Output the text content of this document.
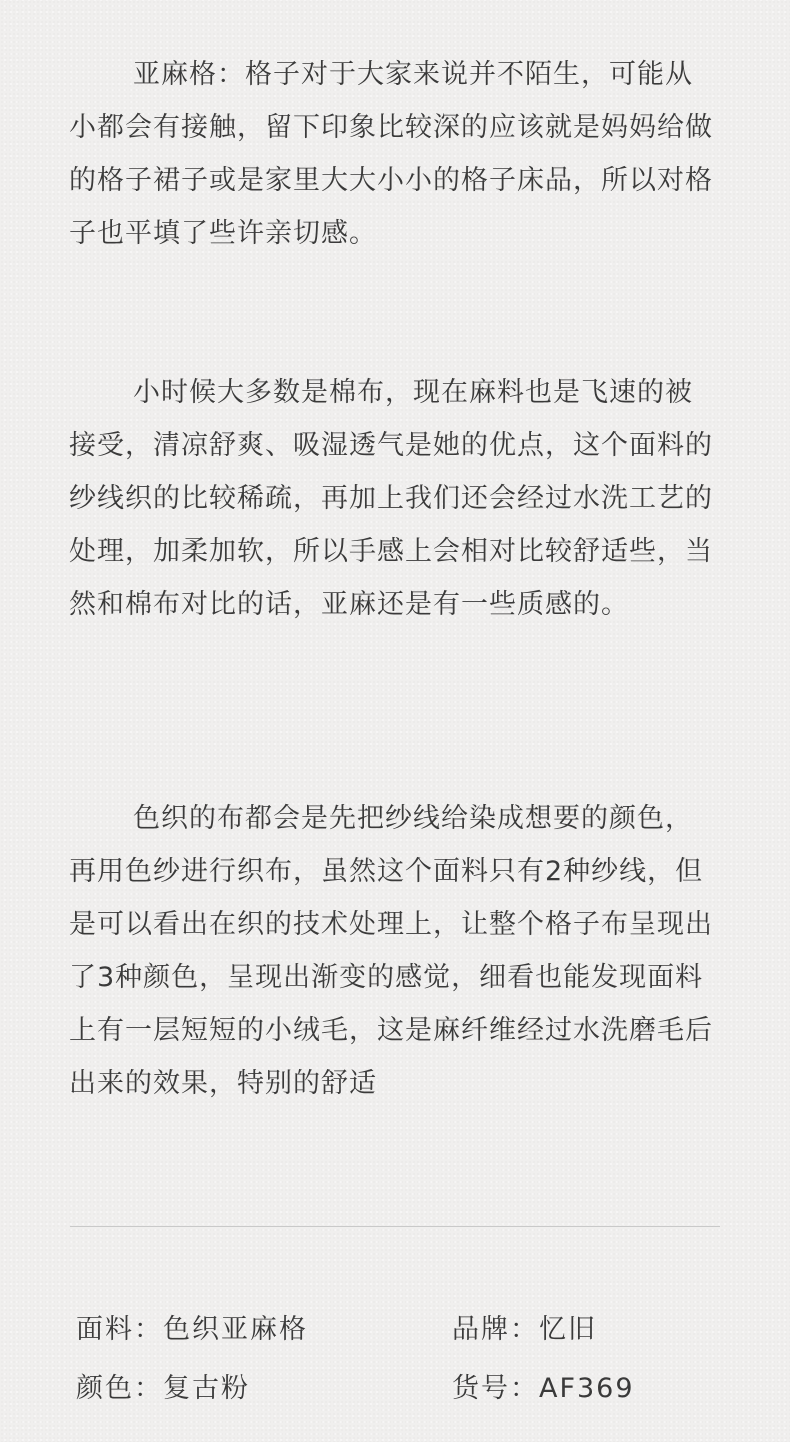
亚麻格：格子对于大家来说并不陌生，可能从小都会有接触，留下印象比较深的应该就是妈妈给做的格子裙子或是家里大大小小的格子床品，所以对格子也平填了些许亲切感。

小时候大多数是棉布，现在麻料也是飞速的被接受，清凉舒爽、吸湿透气是她的优点，这个面料的纱线织的比较稀疏，再加上我们还会经过水洗工艺的处理，加柔加软，所以手感上会相对比较舒适些，当然和棉布对比的话，亚麻还是有一些质感的。

色织的布都会是先把纱线给染成想要的颜色，再用色纱进行织布，虽然这个面料只有2种纱线，但是可以看出在织的技术处理上，让整个格子布呈现出了3种颜色，呈现出渐变的感觉，细看也能发现面料上有一层短短的小绒毛，这是麻纤维经过水洗磨毛后出来的效果，特别的舒适

面料：色织亚麻格	品牌：忆旧
颜色：复古粉	货号：AF369
